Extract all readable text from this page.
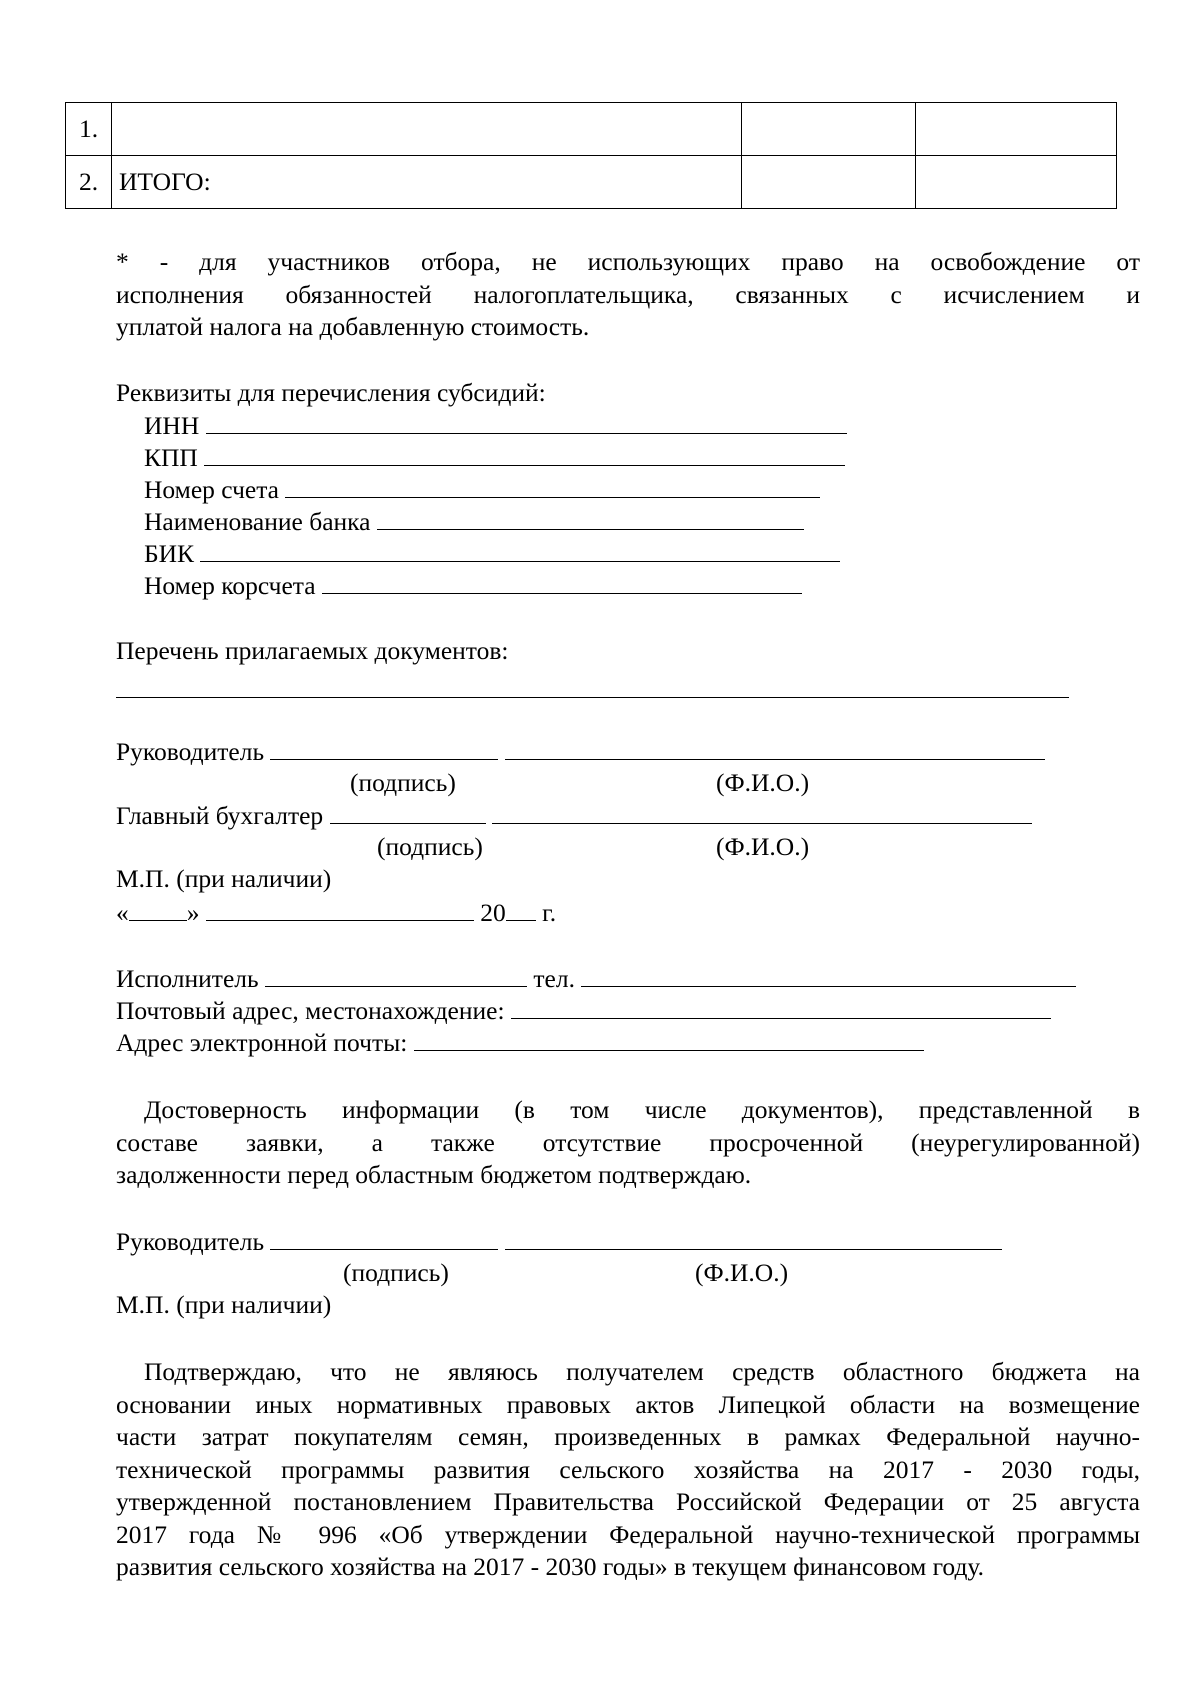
1.			
2.	ИТОГО:		

* - для участников отбора, не использующих право на освобождение от

исполнения обязанностей налогоплательщика, связанных с исчислением и

уплатой налога на добавленную стоимость.

Реквизиты для перечисления субсидий:
ИНН
КПП
Номер счета
Наименование банка
БИК
Номер корсчета
Перечень прилагаемых документов:
Руководитель
(подпись)	(Ф.И.О.)
Главный бухгалтер
(подпись)	(Ф.И.О.)
М.П. (при наличии)
« »	20 г.
Исполнитель	тел.
Почтовый адрес, местонахождение:
Адрес электронной почты:

Достоверность информации (в том числе документов), представленной в

составе заявки, а также отсутствие просроченной (неурегулированной)

задолженности перед областным бюджетом подтверждаю.

Руководитель
(подпись)	(Ф.И.О.)
М.П. (при наличии)

Подтверждаю, что не являюсь получателем средств областного бюджета на

основании иных нормативных правовых актов Липецкой области на возмещение

части затрат покупателям семян, произведенных в рамках Федеральной научно-

технической программы развития сельского хозяйства на 2017 - 2030 годы,

утвержденной постановлением Правительства Российской Федерации от 25 августа

2017 года № 996 «Об утверждении Федеральной научно-технической программы

развития сельского хозяйства на 2017 - 2030 годы» в текущем финансовом году.
